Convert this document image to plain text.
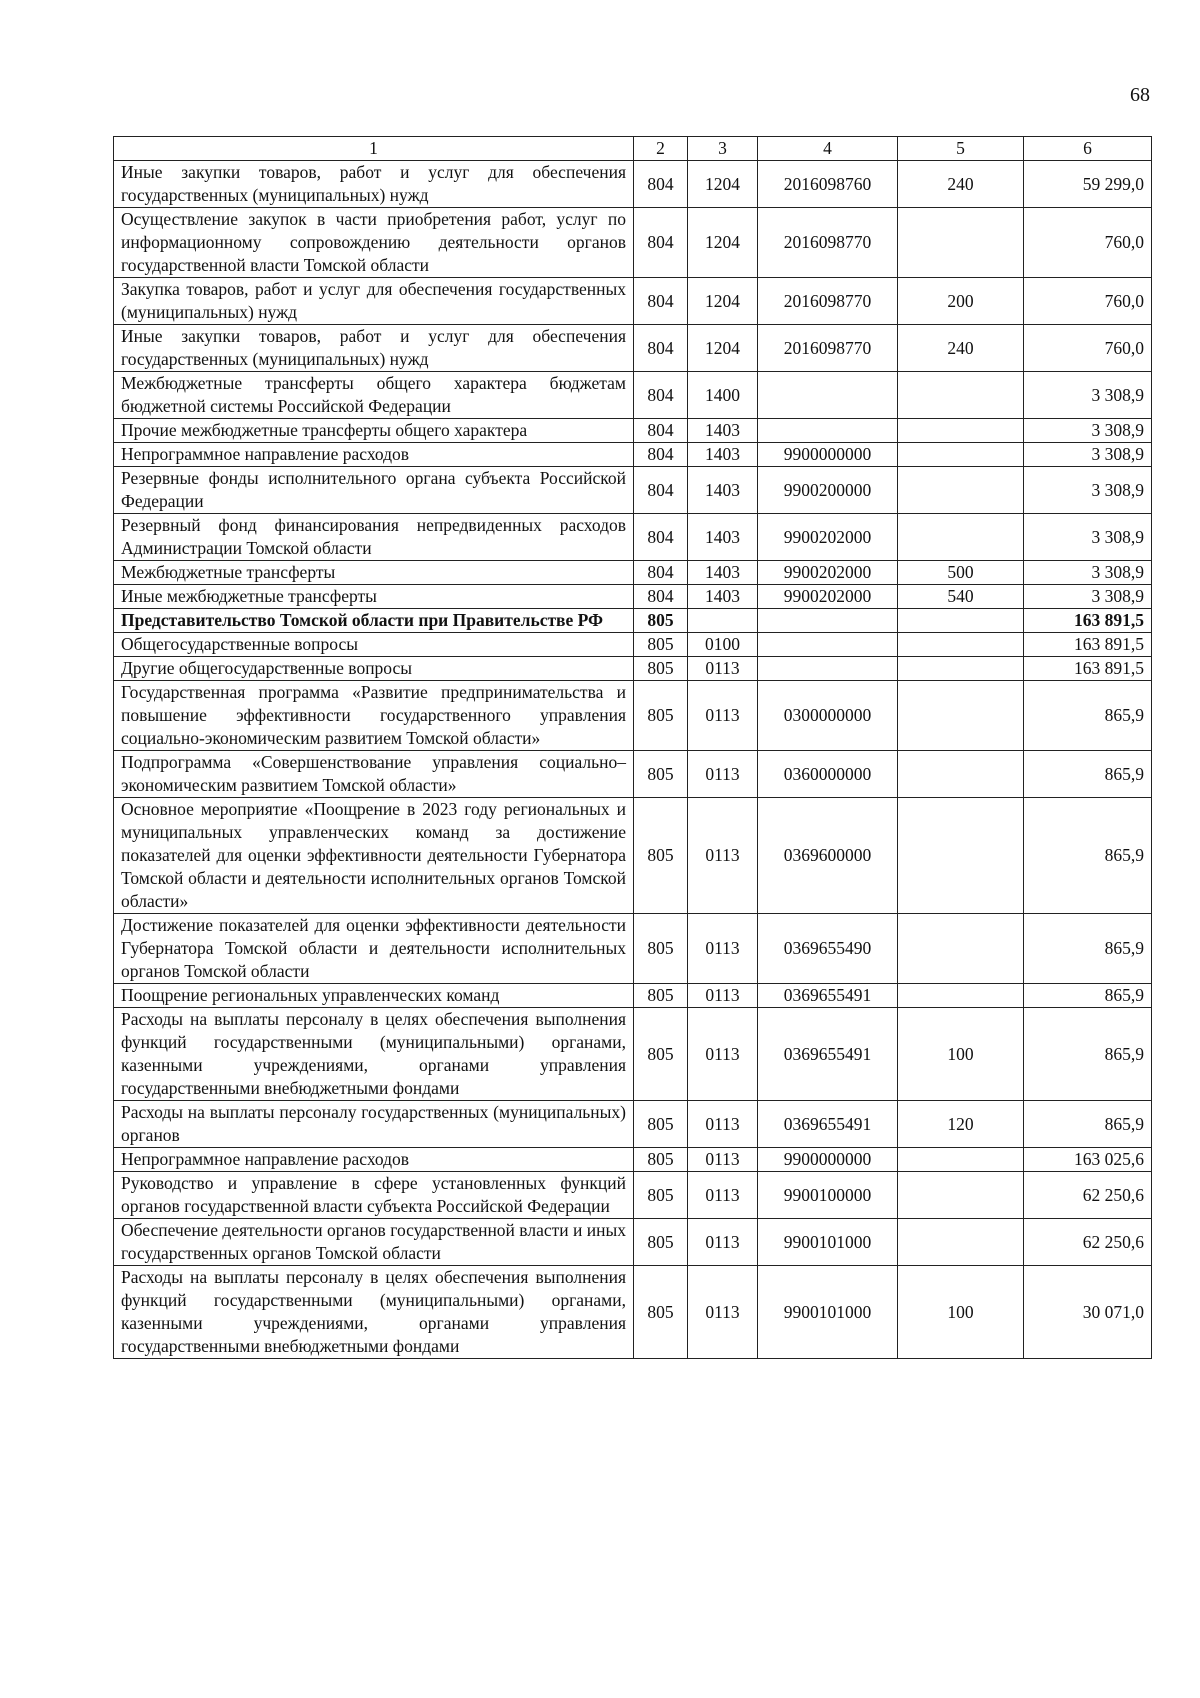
68
1	2	3	4	5	6
Иные закупки товаров, работ и услуг для обеспечения государственных (муниципальных) нужд	804	1204	2016098760	240	59 299,0
Осуществление закупок в части приобретения работ, услуг по информационному сопровождению деятельности органов государственной власти Томской области	804	1204	2016098770		760,0
Закупка товаров, работ и услуг для обеспечения государственных (муниципальных) нужд	804	1204	2016098770	200	760,0
Иные закупки товаров, работ и услуг для обеспечения государственных (муниципальных) нужд	804	1204	2016098770	240	760,0
Межбюджетные трансферты общего характера бюджетам бюджетной системы Российской Федерации	804	1400			3 308,9
Прочие межбюджетные трансферты общего характера	804	1403			3 308,9
Непрограммное направление расходов	804	1403	9900000000		3 308,9
Резервные фонды исполнительного органа субъекта Российской Федерации	804	1403	9900200000		3 308,9
Резервный фонд финансирования непредвиденных расходов Администрации Томской области	804	1403	9900202000		3 308,9
Межбюджетные трансферты	804	1403	9900202000	500	3 308,9
Иные межбюджетные трансферты	804	1403	9900202000	540	3 308,9
Представительство Томской области при Правительстве РФ	805				163 891,5
Общегосударственные вопросы	805	0100			163 891,5
Другие общегосударственные вопросы	805	0113			163 891,5
Государственная программа «Развитие предпринимательства и повышение эффективности государственного управления социально-экономическим развитием Томской области»	805	0113	0300000000		865,9
Подпрограмма «Совершенствование управления социально–экономическим развитием Томской области»	805	0113	0360000000		865,9
Основное мероприятие «Поощрение в 2023 году региональных и муниципальных управленческих команд за достижение показателей для оценки эффективности деятельности Губернатора Томской области и деятельности исполнительных органов Томской области»	805	0113	0369600000		865,9
Достижение показателей для оценки эффективности деятельности Губернатора Томской области и деятельности исполнительных органов Томской области	805	0113	0369655490		865,9
Поощрение региональных управленческих команд	805	0113	0369655491		865,9
Расходы на выплаты персоналу в целях обеспечения выполнения функций государственными (муниципальными) органами, казенными учреждениями, органами управления государственными внебюджетными фондами	805	0113	0369655491	100	865,9
Расходы на выплаты персоналу государственных (муниципальных) органов	805	0113	0369655491	120	865,9
Непрограммное направление расходов	805	0113	9900000000		163 025,6
Руководство и управление в сфере установленных функций органов государственной власти субъекта Российской Федерации	805	0113	9900100000		62 250,6
Обеспечение деятельности органов государственной власти и иных государственных органов Томской области	805	0113	9900101000		62 250,6
Расходы на выплаты персоналу в целях обеспечения выполнения функций государственными (муниципальными) органами, казенными учреждениями, органами управления государственными внебюджетными фондами	805	0113	9900101000	100	30 071,0
